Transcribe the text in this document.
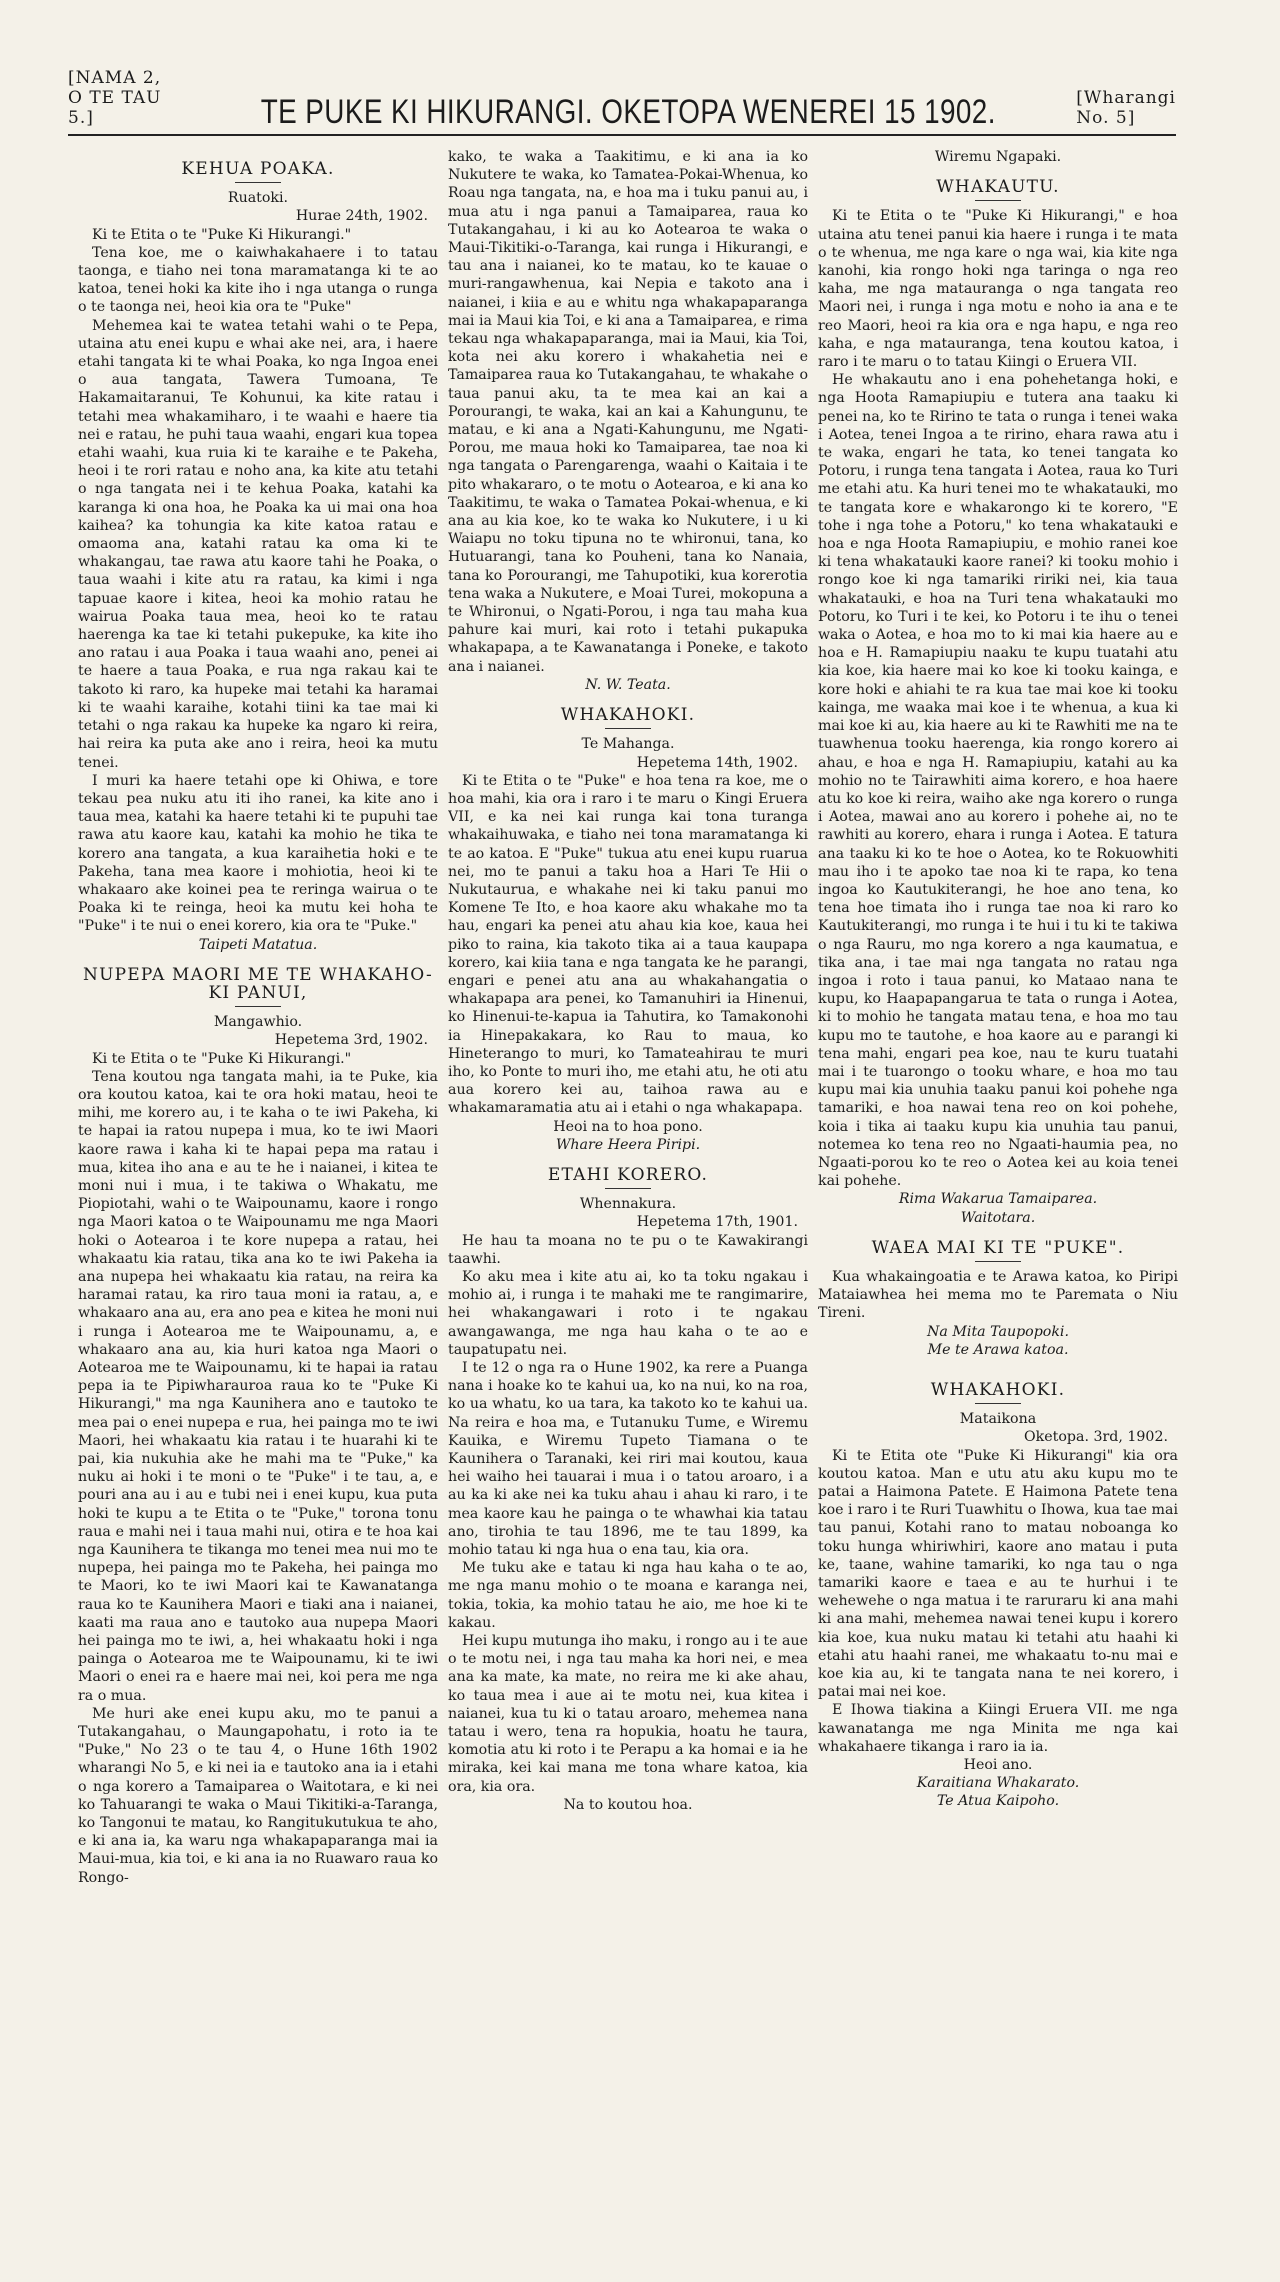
[NAMA 2, O TE TAU 5.]	TE PUKE KI HIKURANGI. OKETOPA WENEREI 15 1902.	[Wharangi No. 5]
KEHUA POAKA.
Ruatoki.
Hurae 24th, 1902.

Ki te Etita o te "Puke Ki Hikurangi."

Tena koe, me o kaiwhakahaere i to tatau taonga, e tiaho nei tona maramatanga ki te ao katoa, tenei hoki ka kite iho i nga utanga o runga o te taonga nei, heoi kia ora te "Puke"

Mehemea kai te watea tetahi wahi o te Pepa, utaina atu enei kupu e whai ake nei, ara, i haere etahi tangata ki te whai Poaka, ko nga Ingoa enei o aua tangata, Tawera Tumoana, Te Hakamaitaranui, Te Kohunui, ka kite ratau i tetahi mea whakamiharo, i te waahi e haere tia nei e ratau, he puhi taua waahi, engari kua topea etahi waahi, kua ruia ki te karaihe e te Pakeha, heoi i te rori ratau e noho ana, ka kite atu tetahi o nga tangata nei i te kehua Poaka, katahi ka karanga ki ona hoa, he Poaka ka ui mai ona hoa kaihea? ka tohungia ka kite katoa ratau e omaoma ana, katahi ratau ka oma ki te whakangau, tae rawa atu kaore tahi he Poaka, o taua waahi i kite atu ra ratau, ka kimi i nga tapuae kaore i kitea, heoi ka mohio ratau he wairua Poaka taua mea, heoi ko te ratau haerenga ka tae ki tetahi pukepuke, ka kite iho ano ratau i aua Poaka i taua waahi ano, penei ai te haere a taua Poaka, e rua nga rakau kai te takoto ki raro, ka hupeke mai tetahi ka haramai ki te waahi karaihe, kotahi tiini ka tae mai ki tetahi o nga rakau ka hupeke ka ngaro ki reira, hai reira ka puta ake ano i reira, heoi ka mutu tenei.

I muri ka haere tetahi ope ki Ohiwa, e tore tekau pea nuku atu iti iho ranei, ka kite ano i taua mea, katahi ka haere tetahi ki te pupuhi tae rawa atu kaore kau, katahi ka mohio he tika te korero ana tangata, a kua karaihetia hoki e te Pakeha, tana mea kaore i mohiotia, heoi ki te whakaaro ake koinei pea te reringa wairua o te Poaka ki te reinga, heoi ka mutu kei hoha te "Puke" i te nui o enei korero, kia ora te "Puke."

Taipeti Matatua.
NUPEPA MAORI ME TE WHAKAHO-
KI PANUI,
Mangawhio.
Hepetema 3rd, 1902.

Ki te Etita o te "Puke Ki Hikurangi."

Tena koutou nga tangata mahi, ia te Puke, kia ora koutou katoa, kai te ora hoki matau, heoi te mihi, me korero au, i te kaha o te iwi Pakeha, ki te hapai ia ratou nupepa i mua, ko te iwi Maori kaore rawa i kaha ki te hapai pepa ma ratau i mua, kitea iho ana e au te he i naianei, i kitea te moni nui i mua, i te takiwa o Whakatu, me Piopiotahi, wahi o te Waipounamu, kaore i rongo nga Maori katoa o te Waipounamu me nga Maori hoki o Aotearoa i te kore nupepa a ratau, hei whakaatu kia ratau, tika ana ko te iwi Pakeha ia ana nupepa hei whakaatu kia ratau, na reira ka haramai ratau, ka riro taua moni ia ratau, a, e whakaaro ana au, era ano pea e kitea he moni nui i runga i Aotearoa me te Waipounamu, a, e whakaaro ana au, kia huri katoa nga Maori o Aotearoa me te Waipounamu, ki te hapai ia ratau pepa ia te Pipiwharauroa raua ko te "Puke Ki Hikurangi," ma nga Kaunihera ano e tautoko te mea pai o enei nupepa e rua, hei painga mo te iwi Maori, hei whakaatu kia ratau i te huarahi ki te pai, kia nukuhia ake he mahi ma te "Puke," ka nuku ai hoki i te moni o te "Puke" i te tau, a, e pouri ana au i au e tubi nei i enei kupu, kua puta hoki te kupu a te Etita o te "Puke," torona tonu raua e mahi nei i taua mahi nui, otira e te hoa kai nga Kaunihera te tikanga mo tenei mea nui mo te nupepa, hei painga mo te Pakeha, hei painga mo te Maori, ko te iwi Maori kai te Kawanatanga raua ko te Kaunihera Maori e tiaki ana i naianei, kaati ma raua ano e tautoko aua nupepa Maori hei painga mo te iwi, a, hei whakaatu hoki i nga painga o Aotearoa me te Waipounamu, ki te iwi Maori o enei ra e haere mai nei, koi pera me nga ra o mua.

Me huri ake enei kupu aku, mo te panui a Tutakangahau, o Maungapohatu, i roto ia te "Puke," No 23 o te tau 4, o Hune 16th 1902 wharangi No 5, e ki nei ia e tautoko ana ia i etahi o nga korero a Tamaiparea o Waitotara, e ki nei ko Tahuarangi te waka o Maui Tikitiki-a-Taranga, ko Tangonui te matau, ko Rangitukutukua te aho, e ki ana ia, ka waru nga whakapaparanga mai ia Maui-mua, kia toi, e ki ana ia no Ruawaro raua ko Rongo-

kako, te waka a Taakitimu, e ki ana ia ko Nukutere te waka, ko Tamatea-Pokai-Whenua, ko Roau nga tangata, na, e hoa ma i tuku panui au, i mua atu i nga panui a Tamaiparea, raua ko Tutakangahau, i ki au ko Aotearoa te waka o Maui-Tikitiki-o-Taranga, kai runga i Hikurangi, e tau ana i naianei, ko te matau, ko te kauae o muri-rangawhenua, kai Nepia e takoto ana i naianei, i kiia e au e whitu nga whakapaparanga mai ia Maui kia Toi, e ki ana a Tamaiparea, e rima tekau nga whakapaparanga, mai ia Maui, kia Toi, kota nei aku korero i whakahetia nei e Tamaiparea raua ko Tutakangahau, te whakahe o taua panui aku, ta te mea kai an kai a Porourangi, te waka, kai an kai a Kahungunu, te matau, e ki ana a Ngati-Kahungunu, me Ngati-Porou, me maua hoki ko Tamaiparea, tae noa ki nga tangata o Parengarenga, waahi o Kaitaia i te pito whakararo, o te motu o Aotearoa, e ki ana ko Taakitimu, te waka o Tamatea Pokai-whenua, e ki ana au kia koe, ko te waka ko Nukutere, i u ki Waiapu no toku tipuna no te whironui, tana, ko Hutuarangi, tana ko Pouheni, tana ko Nanaia, tana ko Porourangi, me Tahupotiki, kua korerotia tena waka a Nukutere, e Moai Turei, mokopuna a te Whironui, o Ngati-Porou, i nga tau maha kua pahure kai muri, kai roto i tetahi pukapuka whakapapa, a te Kawanatanga i Poneke, e takoto ana i naianei.

N. W. Teata.
WHAKAHOKI.
Te Mahanga.
Hepetema 14th, 1902.

Ki te Etita o te "Puke" e hoa tena ra koe, me o hoa mahi, kia ora i raro i te maru o Kingi Eruera VII, e ka nei kai runga kai tona turanga whakaihuwaka, e tiaho nei tona maramatanga ki te ao katoa. E "Puke" tukua atu enei kupu ruarua nei, mo te panui a taku hoa a Hari Te Hii o Nukutaurua, e whakahe nei ki taku panui mo Komene Te Ito, e hoa kaore aku whakahe mo ta hau, engari ka penei atu ahau kia koe, kaua hei piko to raina, kia takoto tika ai a taua kaupapa korero, kai kiia tana e nga tangata ke he parangi, engari e penei atu ana au whakahangatia o whakapapa ara penei, ko Tamanuhiri ia Hinenui, ko Hinenui-te-kapua ia Tahutira, ko Tamakonohi ia Hinepakakara, ko Rau to maua, ko Hineterango to muri, ko Tamateahirau te muri iho, ko Ponte to muri iho, me etahi atu, he oti atu aua korero kei au, taihoa rawa au e whakamaramatia atu ai i etahi o nga whakapapa.

Heoi na to hoa pono.
Whare Heera Piripi.
ETAHI KORERO.
Whennakura.
Hepetema 17th, 1901.

He hau ta moana no te pu o te Kawakirangi taawhi.

Ko aku mea i kite atu ai, ko ta toku ngakau i mohio ai, i runga i te mahaki me te rangimarire, hei whakangawari i roto i te ngakau awangawanga, me nga hau kaha o te ao e taupatupatu nei.

I te 12 o nga ra o Hune 1902, ka rere a Puanga nana i hoake ko te kahui ua, ko na nui, ko na roa, ko ua whatu, ko ua tara, ka takoto ko te kahui ua. Na reira e hoa ma, e Tutanuku Tume, e Wiremu Kauika, e Wiremu Tupeto Tiamana o te Kaunihera o Taranaki, kei riri mai koutou, kaua hei waiho hei tauarai i mua i o tatou aroaro, i a au ka ki ake nei ka tuku ahau i ahau ki raro, i te mea kaore kau he painga o te whawhai kia tatau ano, tirohia te tau 1896, me te tau 1899, ka mohio tatau ki nga hua o ena tau, kia ora.

Me tuku ake e tatau ki nga hau kaha o te ao, me nga manu mohio o te moana e karanga nei, tokia, tokia, ka mohio tatau he aio, me hoe ki te kakau.

Hei kupu mutunga iho maku, i rongo au i te aue o te motu nei, i nga tau maha ka hori nei, e mea ana ka mate, ka mate, no reira me ki ake ahau, ko taua mea i aue ai te motu nei, kua kitea i naianei, kua tu ki o tatau aroaro, mehemea nana tatau i wero, tena ra hopukia, hoatu he taura, komotia atu ki roto i te Perapu a ka homai e ia he miraka, kei kai mana me tona whare katoa, kia ora, kia ora.

Na to koutou hoa.
Wiremu Ngapaki.
WHAKAUTU.

Ki te Etita o te "Puke Ki Hikurangi," e hoa utaina atu tenei panui kia haere i runga i te mata o te whenua, me nga kare o nga wai, kia kite nga kanohi, kia rongo hoki nga taringa o nga reo kaha, me nga matauranga o nga tangata reo Maori nei, i runga i nga motu e noho ia ana e te reo Maori, heoi ra kia ora e nga hapu, e nga reo kaha, e nga matauranga, tena koutou katoa, i raro i te maru o to tatau Kiingi o Eruera VII.

He whakautu ano i ena pohehetanga hoki, e nga Hoota Ramapiupiu e tutera ana taaku ki penei na, ko te Ririno te tata o runga i tenei waka i Aotea, tenei Ingoa a te ririno, ehara rawa atu i te waka, engari he tata, ko tenei tangata ko Potoru, i runga tena tangata i Aotea, raua ko Turi me etahi atu. Ka huri tenei mo te whakatauki, mo te tangata kore e whakarongo ki te korero, "E tohe i nga tohe a Potoru," ko tena whakatauki e hoa e nga Hoota Ramapiupiu, e mohio ranei koe ki tena whakatauki kaore ranei? ki tooku mohio i rongo koe ki nga tamariki ririki nei, kia taua whakatauki, e hoa na Turi tena whakatauki mo Potoru, ko Turi i te kei, ko Potoru i te ihu o tenei waka o Aotea, e hoa mo to ki mai kia haere au e hoa e H. Ramapiupiu naaku te kupu tuatahi atu kia koe, kia haere mai ko koe ki tooku kainga, e kore hoki e ahiahi te ra kua tae mai koe ki tooku kainga, me waaka mai koe i te whenua, a kua ki mai koe ki au, kia haere au ki te Rawhiti me na te tuawhenua tooku haerenga, kia rongo korero ai ahau, e hoa e nga H. Ramapiupiu, katahi au ka mohio no te Tairawhiti aima korero, e hoa haere atu ko koe ki reira, waiho ake nga korero o runga i Aotea, mawai ano au korero i pohehe ai, no te rawhiti au korero, ehara i runga i Aotea. E tatura ana taaku ki ko te hoe o Aotea, ko te Rokuowhiti mau iho i te apoko tae noa ki te rapa, ko tena ingoa ko Kautukiterangi, he hoe ano tena, ko tena hoe timata iho i runga tae noa ki raro ko Kautukiterangi, mo runga i te hui i tu ki te takiwa o nga Rauru, mo nga korero a nga kaumatua, e tika ana, i tae mai nga tangata no ratau nga ingoa i roto i taua panui, ko Mataao nana te kupu, ko Haapapangarua te tata o runga i Aotea, ki to mohio he tangata matau tena, e hoa mo tau kupu mo te tautohe, e hoa kaore au e parangi ki tena mahi, engari pea koe, nau te kuru tuatahi mai i te tuarongo o tooku whare, e hoa mo tau kupu mai kia unuhia taaku panui koi pohehe nga tamariki, e hoa nawai tena reo on koi pohehe, koia i tika ai taaku kupu kia unuhia tau panui, notemea ko tena reo no Ngaati-haumia pea, no Ngaati-porou ko te reo o Aotea kei au koia tenei kai pohehe.

Rima Wakarua Tamaiparea.
Waitotara.
WAEA MAI KI TE "PUKE".

Kua whakaingoatia e te Arawa katoa, ko Piripi Mataiawhea hei mema mo te Paremata o Niu Tireni.

Na Mita Taupopoki.
Me te Arawa katoa.
WHAKAHOKI.
Mataikona
Oketopa. 3rd, 1902.

Ki te Etita ote "Puke Ki Hikurangi" kia ora koutou katoa. Man e utu atu aku kupu mo te patai a Haimona Patete. E Haimona Patete tena koe i raro i te Ruri Tuawhitu o Ihowa, kua tae mai tau panui, Kotahi rano to matau noboanga ko toku hunga whiriwhiri, kaore ano matau i puta ke, taane, wahine tamariki, ko nga tau o nga tamariki kaore e taea e au te hurhui i te wehewehe o nga matua i te raruraru ki ana mahi ki ana mahi, mehemea nawai tenei kupu i korero kia koe, kua nuku matau ki tetahi atu haahi ki etahi atu haahi ranei, me whakaatu to-nu mai e koe kia au, ki te tangata nana te nei korero, i patai mai nei koe.

E Ihowa tiakina a Kiingi Eruera VII. me nga kawanatanga me nga Minita me nga kai whakahaere tikanga i raro ia ia.

Heoi ano.
Karaitiana Whakarato.
Te Atua Kaipoho.
